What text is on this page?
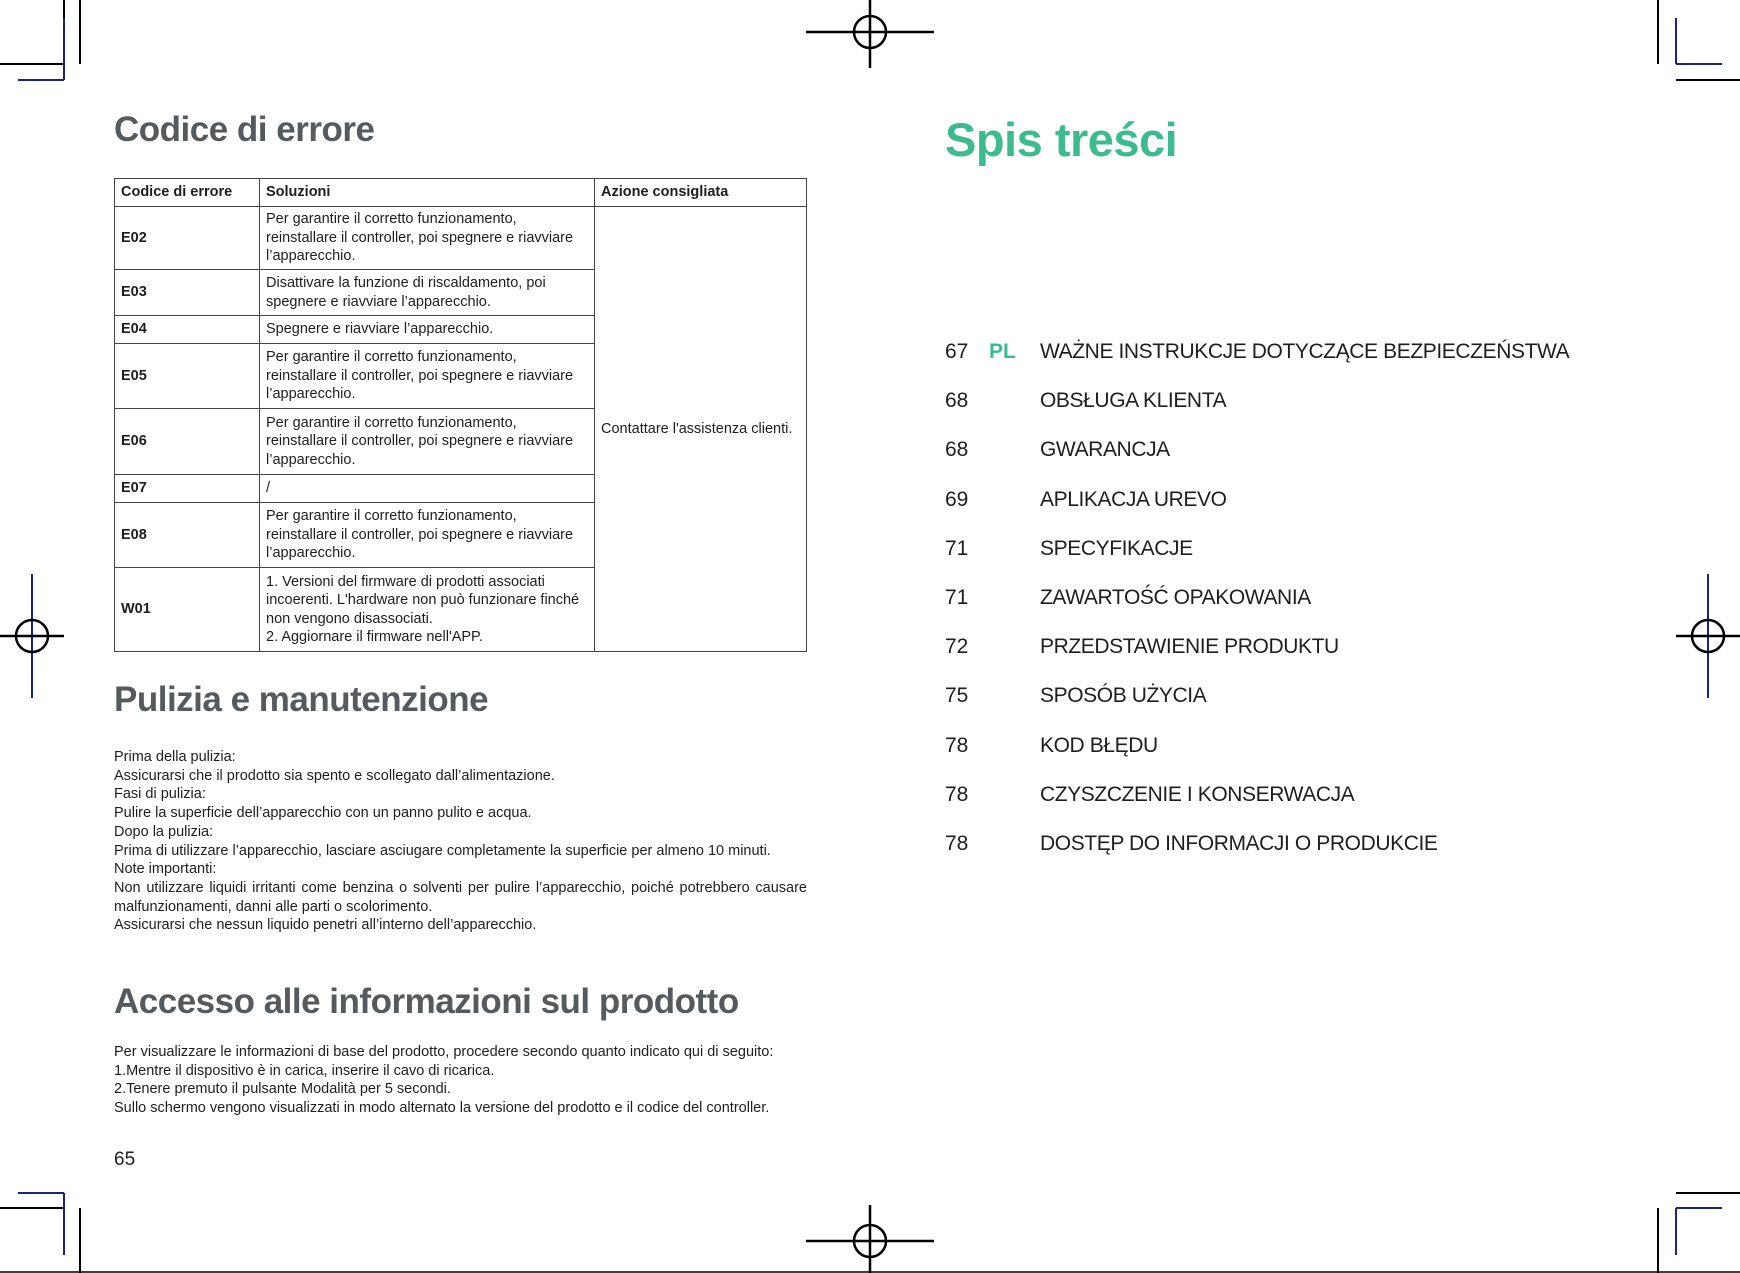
Codice di errore
Codice di errore	Soluzioni	Azione consigliata
E02	Per garantire il corretto funzionamento, reinstallare il controller, poi spegnere e riavviare l’apparecchio.	Contattare l'assistenza clienti.
E03	Disattivare la funzione di riscaldamento, poi spegnere e riavviare l’apparecchio.	
E04	Spegnere e riavviare l’apparecchio.	
E05	Per garantire il corretto funzionamento, reinstallare il controller, poi spegnere e riavviare l’apparecchio.	
E06	Per garantire il corretto funzionamento, reinstallare il controller, poi spegnere e riavviare l’apparecchio.	
E07	/	
E08	Per garantire il corretto funzionamento, reinstallare il controller, poi spegnere e riavviare l’apparecchio.	
W01	1. Versioni del firmware di prodotti associati incoerenti. L'hardware non può funzionare finché non vengono disassociati.
2. Aggiornare il firmware nell'APP.	
Pulizia e manutenzione

Prima della pulizia:

Assicurarsi che il prodotto sia spento e scollegato dall’alimentazione.

Fasi di pulizia:

Pulire la superficie dell’apparecchio con un panno pulito e acqua.

Dopo la pulizia:

Prima di utilizzare l’apparecchio, lasciare asciugare completamente la superficie per almeno 10 minuti.

Note importanti:

Non utilizzare liquidi irritanti come benzina o solventi per pulire l’apparecchio, poiché potrebbero causare malfunzionamenti, danni alle parti o scolorimento.

Assicurarsi che nessun liquido penetri all’interno dell’apparecchio.

Accesso alle informazioni sul prodotto

Per visualizzare le informazioni di base del prodotto, procedere secondo quanto indicato qui di seguito:

1.Mentre il dispositivo è in carica, inserire il cavo di ricarica.

2.Tenere premuto il pulsante Modalità per 5 secondi.

Sullo schermo vengono visualizzati in modo alternato la versione del prodotto e il codice del controller.

65
Spis treści
67 PL WAŻNE INSTRUKCJE DOTYCZĄCE BEZPIECZEŃSTWA
68	OBSŁUGA KLIENTA
68	GWARANCJA
69	APLIKACJA UREVO
71	SPECYFIKACJE
71	ZAWARTOŚĆ OPAKOWANIA
72	PRZEDSTAWIENIE PRODUKTU
75	SPOSÓB UŻYCIA
78	KOD BŁĘDU
78	CZYSZCZENIE I KONSERWACJA
78	DOSTĘP DO INFORMACJI O PRODUKCIE
